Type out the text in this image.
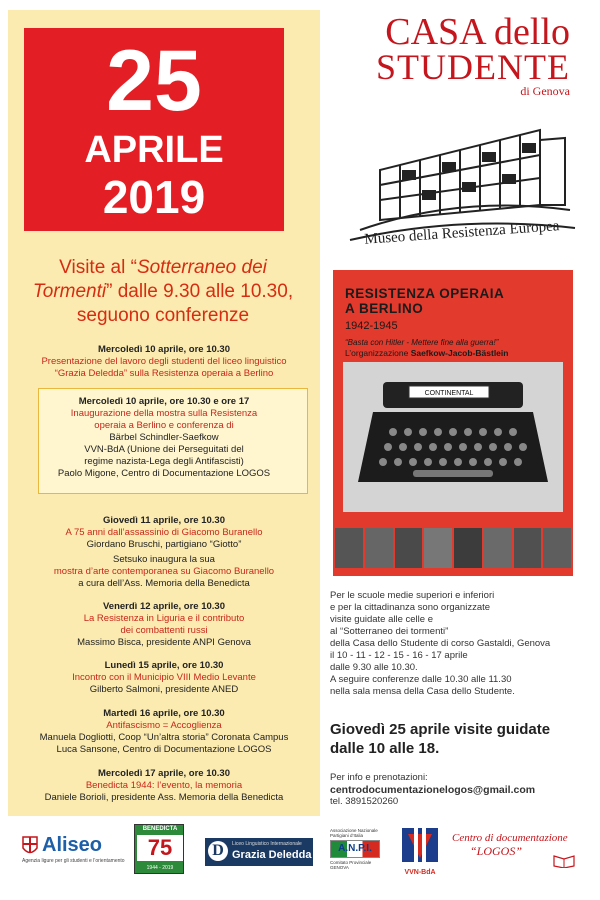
25
APRILE
2019
CASA dello
STUDENTE
di Genova
Museo della Resistenza Europea
Visite al “Sotterraneo dei Tormenti” dalle 9.30 alle 10.30, seguono conferenze
Mercoledì 10 aprile, ore 10.30
Presentazione del lavoro degli studenti del liceo linguistico
“Grazia Deledda” sulla Resistenza operaia a Berlino
Mercoledì 10 aprile, ore 10.30 e ore 17
Inaugurazione della mostra sulla Resistenza
operaia a Berlino e conferenza di
Bärbel Schindler-Saefkow
VVN-BdA (Unione dei Perseguitati del
regime nazista-Lega degli Antifascisti)
Paolo Migone, Centro di Documentazione LOGOS
Giovedì 11 aprile, ore 10.30
A 75 anni dall’assassinio di Giacomo Buranello
Giordano Bruschi, partigiano “Giotto”
Setsuko inaugura la sua
mostra d’arte contemporanea su Giacomo Buranello
a cura dell’Ass. Memoria della Benedicta
Venerdì 12 aprile, ore 10.30
La Resistenza in Liguria e il contributo
dei combattenti russi
Massimo Bisca, presidente ANPI Genova
Lunedì 15 aprile, ore 10.30
Incontro con il Municipio VIII Medio Levante
Gilberto Salmoni, presidente ANED
Martedì 16 aprile, ore 10.30
Antifascismo = Accoglienza
Manuela Dogliotti, Coop “Un’altra storia” Coronata Campus
Luca Sansone, Centro di Documentazione LOGOS
Mercoledì 17 aprile, ore 10.30
Benedicta 1944: l’evento, la memoria
Daniele Borioli, presidente Ass. Memoria della Benedicta
RESISTENZA OPERAIA
A BERLINO
1942-1945
“Basta con Hitler - Mettere fine alla guerra!”
L’organizzazione Saefkow-Jacob-Bästlein
CONTINENTAL
Per le scuole medie superiori e inferiori
e per la cittadinanza sono organizzate
visite guidate alle celle e
al “Sotterraneo dei tormenti”
della Casa dello Studente di corso Gastaldi, Genova
il 10 - 11 - 12 - 15 - 16 - 17 aprile
dalle 9.30 alle 10.30.
A seguire conferenze dalle 10.30 alle 11.30
nella sala mensa della Casa dello Studente.
Giovedì 25 aprile visite guidate
dalle 10 alle 18.
Per info e prenotazioni:
centrodocumentazionelogos@gmail.com
tel. 3891520260
Aliseo
Agenzia ligure per gli studenti e l’orientamento
BENEDICTA
75
1944 - 2019
D	Liceo Linguistico Internazionale
Grazia Deledda
Associazione Nazionale Partigiani d’Italia
A.N.P.I.
Comitato Provinciale GENOVA
VVN-BdA
Centro di documentazione
“LOGOS”
